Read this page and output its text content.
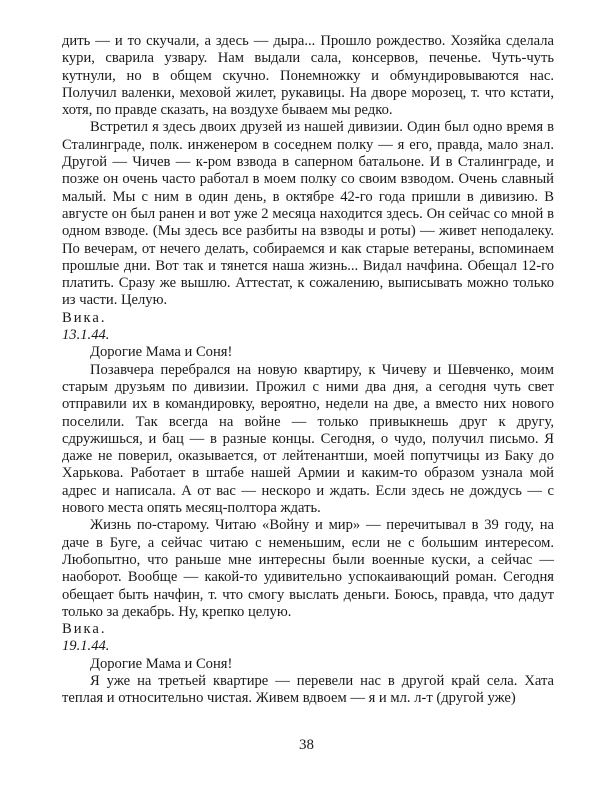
дить — и то скучали, а здесь — дыра... Прошло рождество. Хозяйка сделала кури, сварила узвару. Нам выдали сала, консервов, печенье. Чуть-чуть кутнули, но в общем скучно. Понемножку и обмундировываются нас. Получил валенки, меховой жилет, рукавицы. На дворе морозец, т. что кстати, хотя, по правде сказать, на воздухе бываем мы редко.

Встретил я здесь двоих друзей из нашей дивизии. Один был одно время в Сталинграде, полк. инженером в соседнем полку — я его, правда, мало знал. Другой — Чичев — к-ром взвода в саперном батальоне. И в Сталинграде, и позже он очень часто работал в моем полку со своим взводом. Очень славный малый. Мы с ним в один день, в октябре 42-го года пришли в дивизию. В августе он был ранен и вот уже 2 месяца находится здесь. Он сейчас со мной в одном взводе. (Мы здесь все разбиты на взводы и роты) — живет неподалеку. По вечерам, от нечего делать, собираемся и как старые ветераны, вспоминаем прошлые дни. Вот так и тянется наша жизнь... Видал начфина. Обещал 12-го платить. Сразу же вышлю. Аттестат, к сожалению, выписывать можно только из части. Целую.

Вика.

13.1.44.

Дорогие Мама и Соня!

Позавчера перебрался на новую квартиру, к Чичеву и Шевченко, моим старым друзьям по дивизии. Прожил с ними два дня, а сегодня чуть свет отправили их в командировку, вероятно, недели на две, а вместо них нового поселили. Так всегда на войне — только привыкнешь друг к другу, сдружишься, и бац — в разные концы. Сегодня, о чудо, получил письмо. Я даже не поверил, оказывается, от лейтенантши, моей попутчицы из Баку до Харькова. Работает в штабе нашей Армии и каким-то образом узнала мой адрес и написала. А от вас — нескоро и ждать. Если здесь не дождусь — с нового места опять месяц-полтора ждать.

Жизнь по-старому. Читаю «Войну и мир» — перечитывал в 39 году, на даче в Буге, а сейчас читаю с неменьшим, если не с большим интересом. Любопытно, что раньше мне интересны были военные куски, а сейчас — наоборот. Вообще — какой-то удивительно успокаивающий роман. Сегодня обещает быть начфин, т. что смогу выслать деньги. Боюсь, правда, что дадут только за декабрь. Ну, крепко целую.

Вика.

19.1.44.

Дорогие Мама и Соня!

Я уже на третьей квартире — перевели нас в другой край села. Хата теплая и относительно чистая. Живем вдвоем — я и мл. л-т (другой уже)

38
